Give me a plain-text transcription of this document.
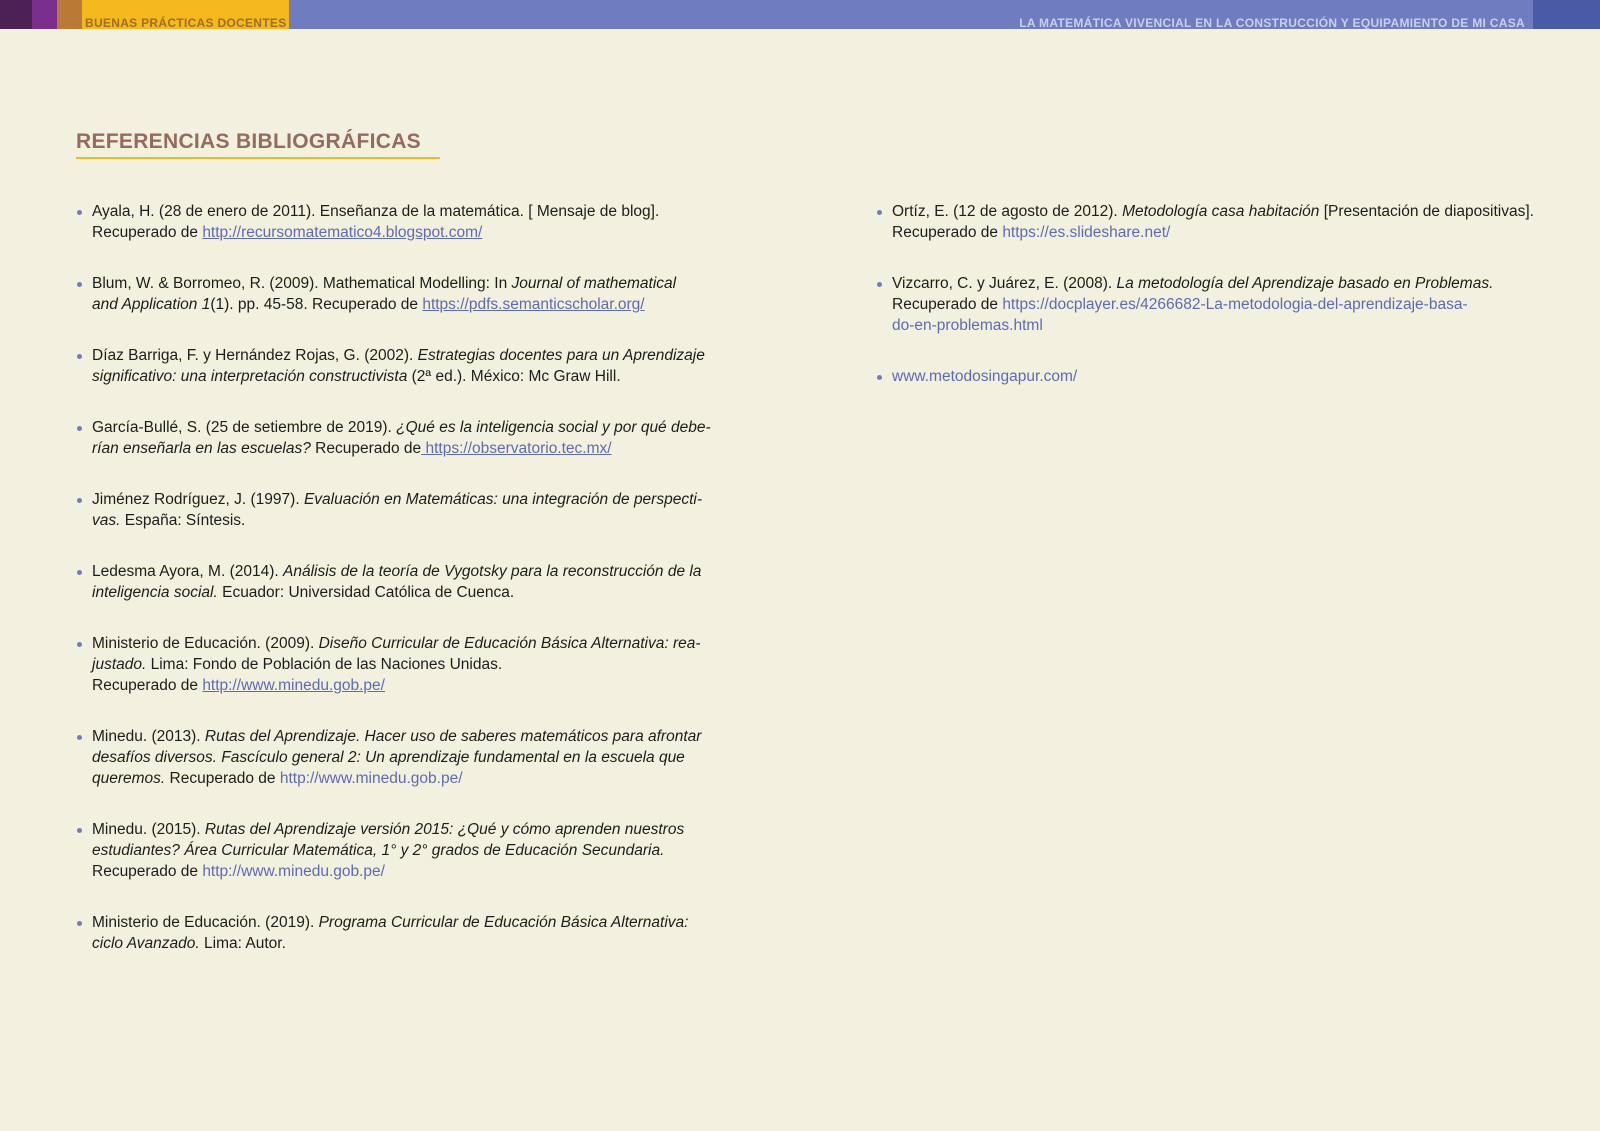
BUENAS PRÁCTICAS DOCENTES	LA MATEMÁTICA VIVENCIAL EN LA CONSTRUCCIÓN Y EQUIPAMIENTO DE MI CASA
REFERENCIAS BIBLIOGRÁFICAS
Ayala, H. (28 de enero de 2011). Enseñanza de la matemática. [ Mensaje de blog].
Recuperado de http://recursomatematico4.blogspot.com/
Blum, W. & Borromeo, R. (2009). Mathematical Modelling: In Journal of mathematical
and Application 1(1). pp. 45-58. Recuperado de https://pdfs.semanticscholar.org/
Díaz Barriga, F. y Hernández Rojas, G. (2002). Estrategias docentes para un Aprendizaje
significativo: una interpretación constructivista (2ª ed.). México: Mc Graw Hill.
García-Bullé, S. (25 de setiembre de 2019). ¿Qué es la inteligencia social y por qué debe-
rían enseñarla en las escuelas? Recuperado de https://observatorio.tec.mx/
Jiménez Rodríguez, J. (1997). Evaluación en Matemáticas: una integración de perspecti-
vas. España: Síntesis.
Ledesma Ayora, M. (2014). Análisis de la teoría de Vygotsky para la reconstrucción de la
inteligencia social. Ecuador: Universidad Católica de Cuenca.
Ministerio de Educación. (2009). Diseño Curricular de Educación Básica Alternativa: rea-
justado. Lima: Fondo de Población de las Naciones Unidas.
Recuperado de http://www.minedu.gob.pe/
Minedu. (2013). Rutas del Aprendizaje. Hacer uso de saberes matemáticos para afrontar
desafíos diversos. Fascículo general 2: Un aprendizaje fundamental en la escuela que
queremos. Recuperado de http://www.minedu.gob.pe/
Minedu. (2015). Rutas del Aprendizaje versión 2015: ¿Qué y cómo aprenden nuestros
estudiantes? Área Curricular Matemática, 1° y 2° grados de Educación Secundaria.
Recuperado de http://www.minedu.gob.pe/
Ministerio de Educación. (2019). Programa Curricular de Educación Básica Alternativa:
ciclo Avanzado. Lima: Autor.
Ortíz, E. (12 de agosto de 2012). Metodología casa habitación [Presentación de diapositivas].
Recuperado de https://es.slideshare.net/
Vizcarro, C. y Juárez, E. (2008). La metodología del Aprendizaje basado en Problemas.
Recuperado de https://docplayer.es/4266682-La-metodologia-del-aprendizaje-basa-
do-en-problemas.html
www.metodosingapur.com/
